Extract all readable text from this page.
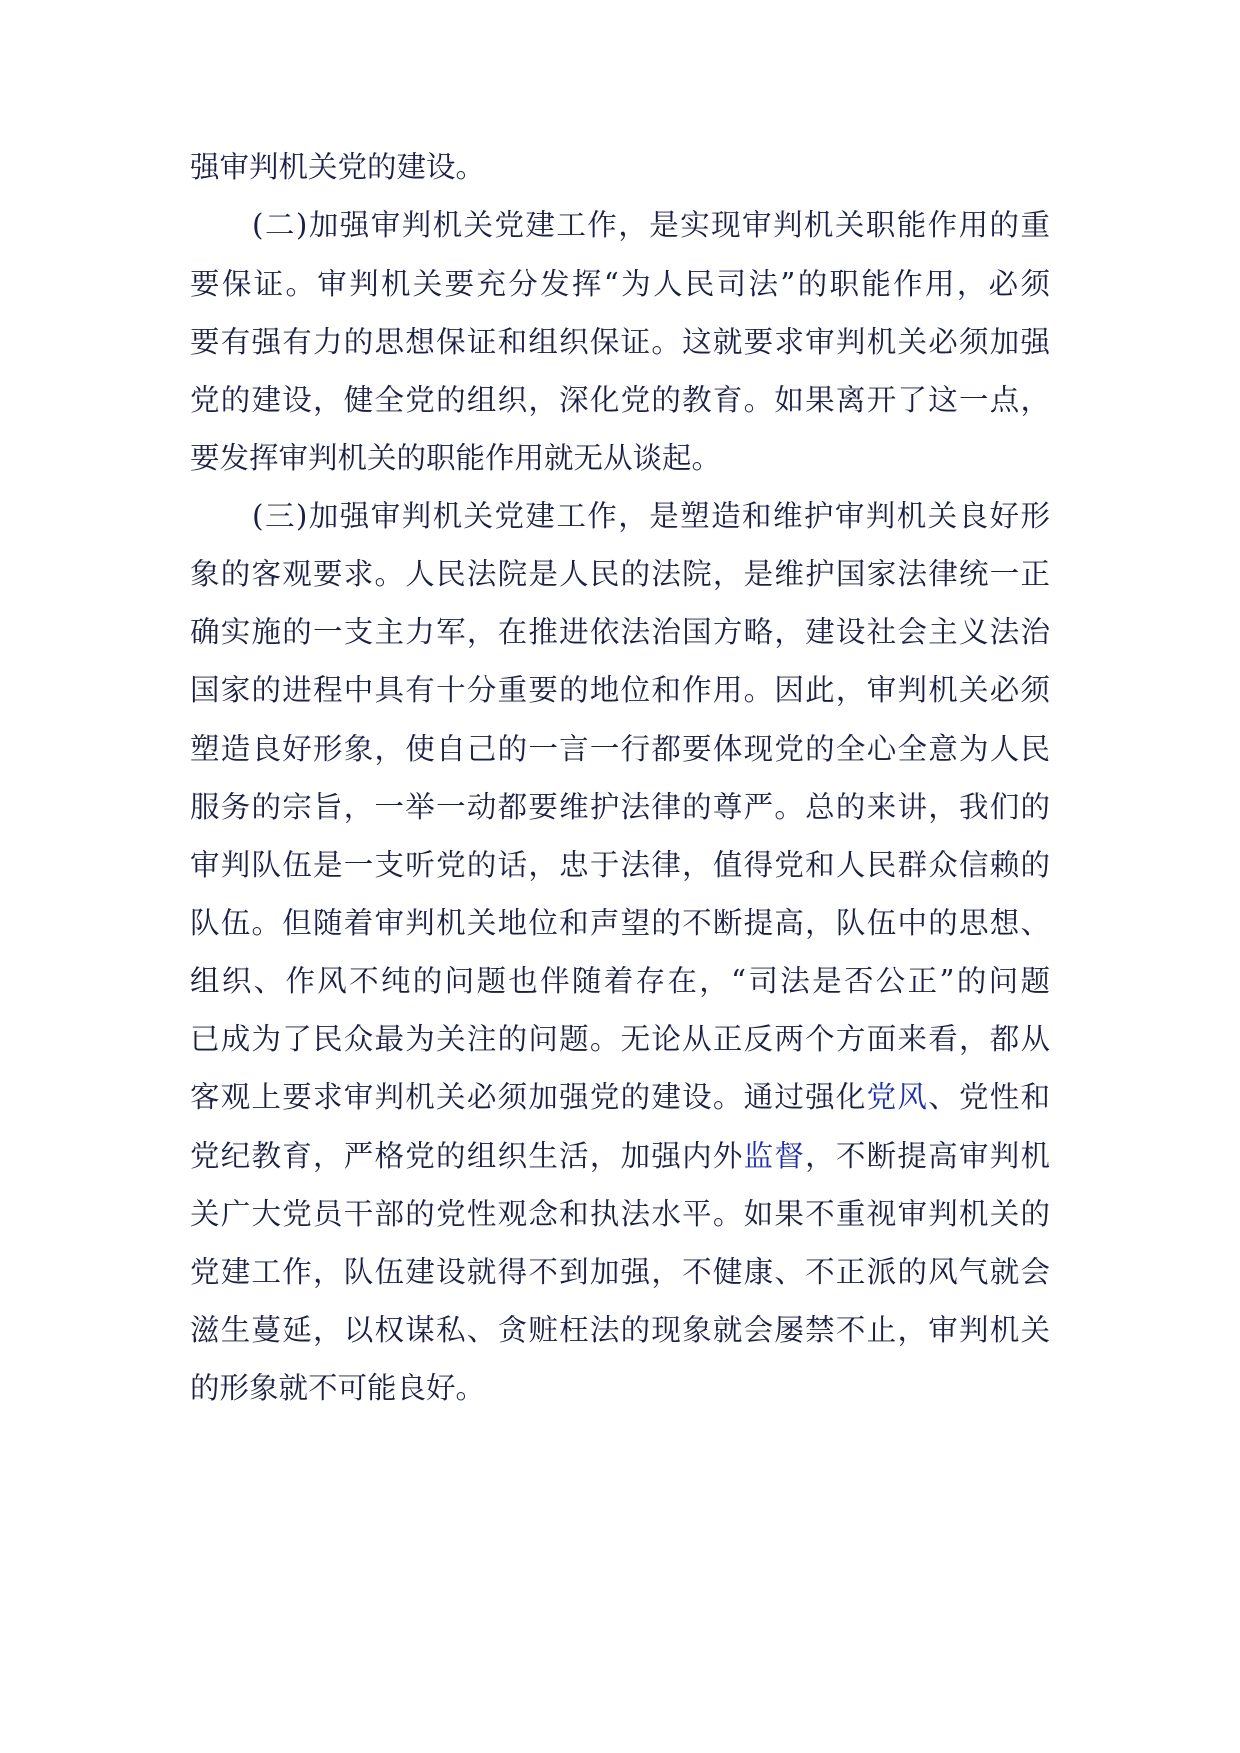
强审判机关党的建设。

(二)加强审判机关党建工作，是实现审判机关职能作用的重

要保证。审判机关要充分发挥“为人民司法”的职能作用，必须

要有强有力的思想保证和组织保证。这就要求审判机关必须加强

党的建设，健全党的组织，深化党的教育。如果离开了这一点，

要发挥审判机关的职能作用就无从谈起。

(三)加强审判机关党建工作，是塑造和维护审判机关良好形

象的客观要求。人民法院是人民的法院，是维护国家法律统一正

确实施的一支主力军，在推进依法治国方略，建设社会主义法治

国家的进程中具有十分重要的地位和作用。因此，审判机关必须

塑造良好形象，使自己的一言一行都要体现党的全心全意为人民

服务的宗旨，一举一动都要维护法律的尊严。总的来讲，我们的

审判队伍是一支听党的话，忠于法律，值得党和人民群众信赖的

队伍。但随着审判机关地位和声望的不断提高，队伍中的思想、

组织、作风不纯的问题也伴随着存在，“司法是否公正”的问题

已成为了民众最为关注的问题。无论从正反两个方面来看，都从

客观上要求审判机关必须加强党的建设。通过强化党风、党性和

党纪教育，严格党的组织生活，加强内外监督，不断提高审判机

关广大党员干部的党性观念和执法水平。如果不重视审判机关的

党建工作，队伍建设就得不到加强，不健康、不正派的风气就会

滋生蔓延，以权谋私、贪赃枉法的现象就会屡禁不止，审判机关

的形象就不可能良好。
